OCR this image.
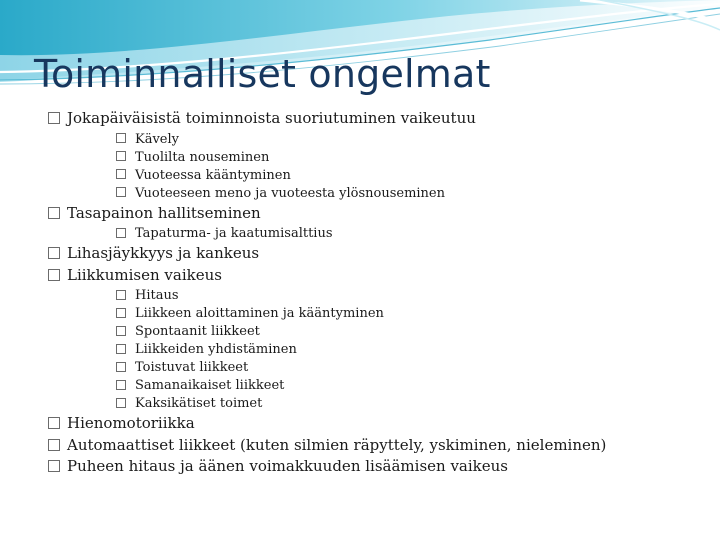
Toiminnalliset ongelmat
Jokapäiväisistä toiminnoista suoriutuminen vaikeutuu
Kävely
Tuolilta nouseminen
Vuoteessa kääntyminen
Vuoteeseen meno ja vuoteesta ylösnouseminen
Tasapainon hallitseminen
Tapaturma- ja kaatumisalttius
Lihasjäykkyys ja kankeus
Liikkumisen vaikeus
Hitaus
Liikkeen aloittaminen ja kääntyminen
Spontaanit liikkeet
Liikkeiden yhdistäminen
Toistuvat liikkeet
Samanaikaiset liikkeet
Kaksikätiset toimet
Hienomotoriikka
Automaattiset liikkeet (kuten silmien räpyttely, yskiminen, nieleminen)
Puheen hitaus ja äänen voimakkuuden lisäämisen vaikeus
